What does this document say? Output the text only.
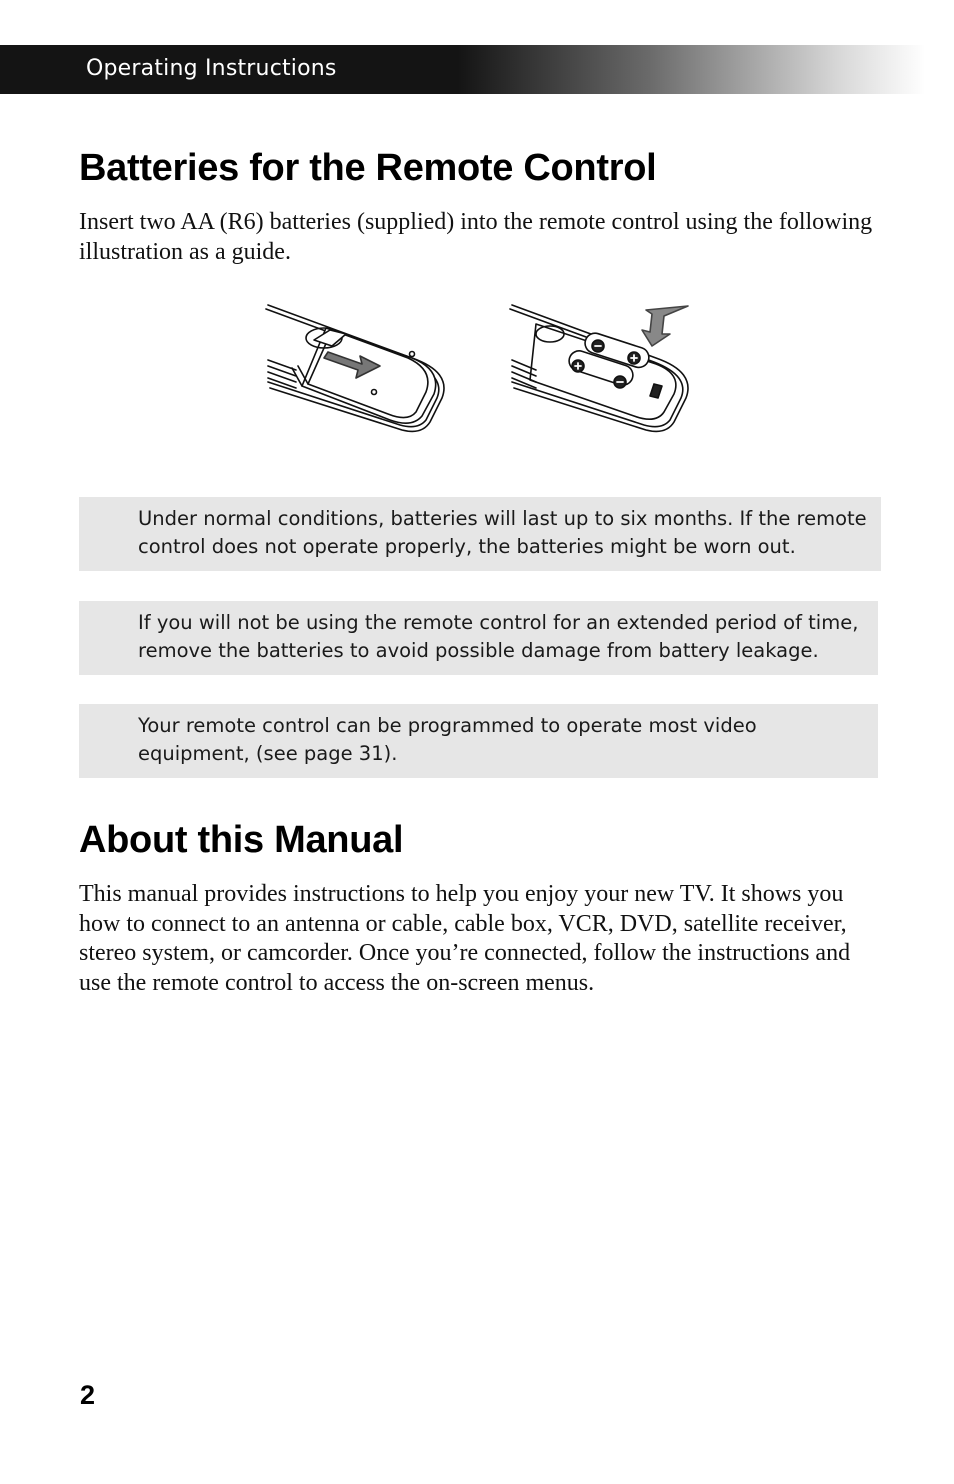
Operating Instructions
Batteries for the Remote Control

Insert two AA (R6) batteries (supplied) into the remote control using the following illustration as a guide.

Under normal conditions, batteries will last up to six months. If the remote control does not operate properly, the batteries might be worn out.
If you will not be using the remote control for an extended period of time, remove the batteries to avoid possible damage from battery leakage.
Your remote control can be programmed to operate most video equipment, (see page 31).
About this Manual

This manual provides instructions to help you enjoy your new TV. It shows you how to connect to an antenna or cable, cable box, VCR, DVD, satellite receiver, stereo system, or camcorder. Once you’re connected, follow the instructions and use the remote control to access the on-screen menus.

2
